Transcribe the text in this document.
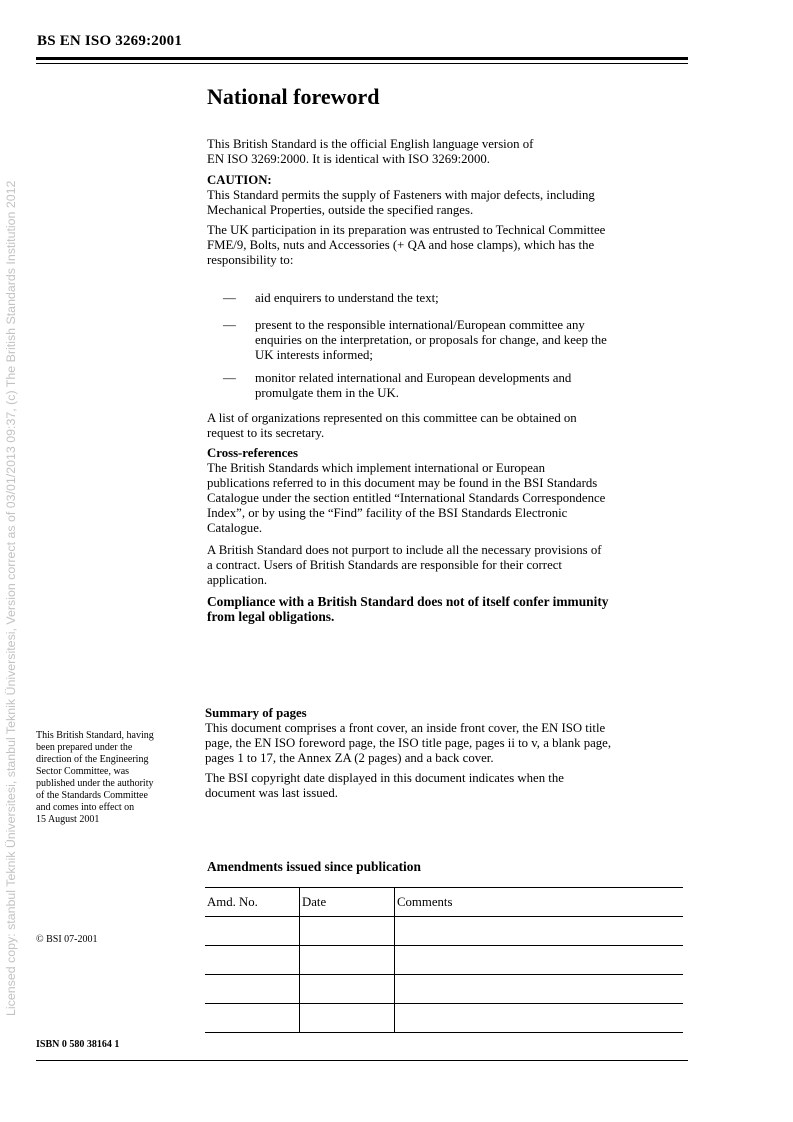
BS EN ISO 3269:2001
Licensed copy: stanbul Teknik Üniversitesi, stanbul Teknik Üniversitesi, Version correct as of 03/01/2013 09:37, (c) The British Standards Institution 2012
National foreword

This British Standard is the official English language version of

EN ISO 3269:2000. It is identical with ISO 3269:2000.

CAUTION:

This Standard permits the supply of Fasteners with major defects, including

Mechanical Properties, outside the specified ranges.

The UK participation in its preparation was entrusted to Technical Committee

FME/9, Bolts, nuts and Accessories (+ QA and hose clamps), which has the

responsibility to:

— aid enquirers to understand the text;
— present to the responsible international/European committee any
enquiries on the interpretation, or proposals for change, and keep the
UK interests informed;
— monitor related international and European developments and
promulgate them in the UK.

A list of organizations represented on this committee can be obtained on

request to its secretary.

Cross-references

The British Standards which implement international or European

publications referred to in this document may be found in the BSI Standards

Catalogue under the section entitled “International Standards Correspondence

Index”, or by using the “Find” facility of the BSI Standards Electronic

Catalogue.

A British Standard does not purport to include all the necessary provisions of

a contract. Users of British Standards are responsible for their correct

application.

Compliance with a British Standard does not of itself confer immunity

from legal obligations.

This British Standard, having
been prepared under the
direction of the Engineering
Sector Committee, was
published under the authority
of the Standards Committee
and comes into effect on
15 August 2001
© BSI 07-2001
ISBN 0 580 38164 1

Summary of pages

This document comprises a front cover, an inside front cover, the EN ISO title

page, the EN ISO foreword page, the ISO title page, pages ii to v, a blank page,

pages 1 to 17, the Annex ZA (2 pages) and a back cover.

The BSI copyright date displayed in this document indicates when the

document was last issued.

Amendments issued since publication
Amd. No.	Date	Comments
